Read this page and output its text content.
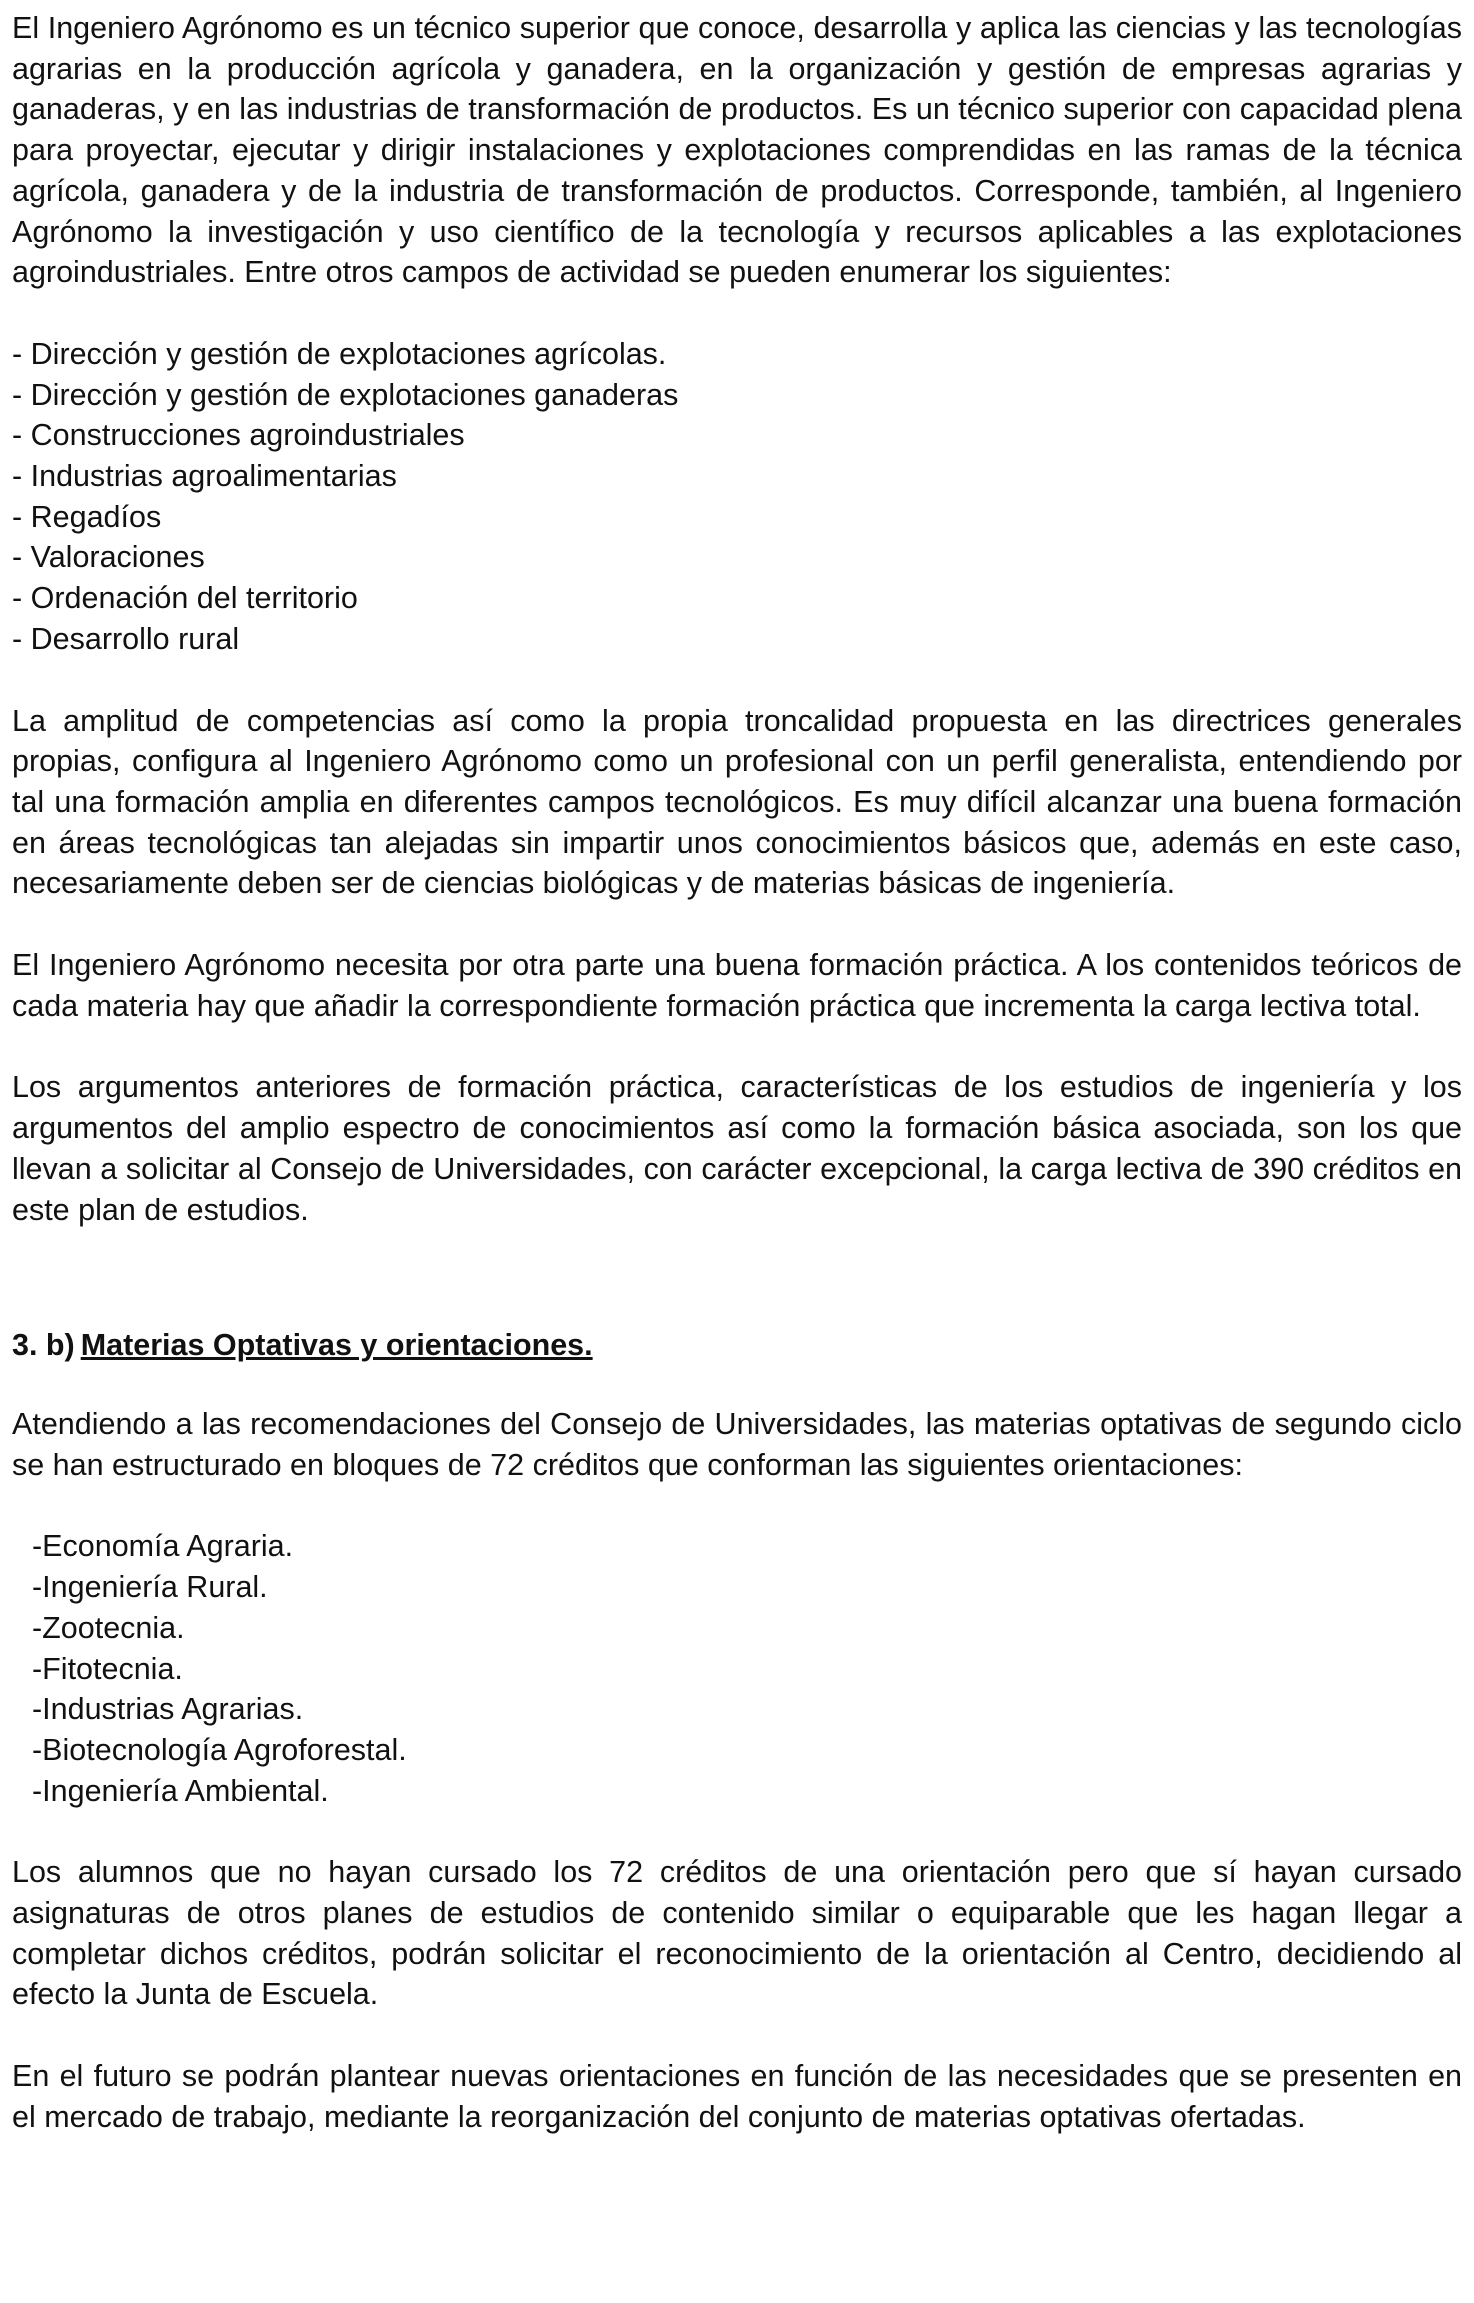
El Ingeniero Agrónomo es un técnico superior que conoce, desarrolla y aplica las ciencias y las tecnologías agrarias en la producción agrícola y ganadera, en la organización y gestión de empresas agrarias y ganaderas, y en las industrias de transformación de productos. Es un técnico superior con capacidad plena para proyectar, ejecutar y dirigir instalaciones y explotaciones comprendidas en las ramas de la técnica agrícola, ganadera y de la industria de transformación de productos. Corresponde, también, al Ingeniero Agrónomo la investigación y uso científico de la tecnología y recursos aplicables a las explotaciones agroindustriales. Entre otros campos de actividad se pueden enumerar los siguientes:

- Dirección y gestión de explotaciones agrícolas.
- Dirección y gestión de explotaciones ganaderas
- Construcciones agroindustriales
- Industrias agroalimentarias
- Regadíos
- Valoraciones
- Ordenación del territorio
- Desarrollo rural

La amplitud de competencias así como la propia troncalidad propuesta en las directrices generales propias, configura al Ingeniero Agrónomo como un profesional con un perfil generalista, entendiendo por tal una formación amplia en diferentes campos tecnológicos. Es muy difícil alcanzar una buena formación en áreas tecnológicas tan alejadas sin impartir unos conocimientos básicos que, además en este caso, necesariamente deben ser de ciencias biológicas y de materias básicas de ingeniería.

El Ingeniero Agrónomo necesita por otra parte una buena formación práctica. A los contenidos teóricos de cada materia hay que añadir la correspondiente formación práctica que incrementa la carga lectiva total.

Los argumentos anteriores de formación práctica, características de los estudios de ingeniería y los argumentos del amplio espectro de conocimientos así como la formación básica asociada, son los que llevan a solicitar al Consejo de Universidades, con carácter excepcional, la carga lectiva de 390 créditos en este plan de estudios.

3. b) Materias Optativas y orientaciones.

Atendiendo a las recomendaciones del Consejo de Universidades, las materias optativas de segundo ciclo se han estructurado en bloques de 72 créditos que conforman las siguientes orientaciones:

- Economía Agraria.
- Ingeniería Rural.
- Zootecnia.
- Fitotecnia.
- Industrias Agrarias.
- Biotecnología Agroforestal.
- Ingeniería Ambiental.

Los alumnos que no hayan cursado los 72 créditos de una orientación pero que sí hayan cursado asignaturas de otros planes de estudios de contenido similar o equiparable que les hagan llegar a completar dichos créditos, podrán solicitar el reconocimiento de la orientación al Centro, decidiendo al efecto la Junta de Escuela.

En el futuro se podrán plantear nuevas orientaciones en función de las necesidades que se presenten en el mercado de trabajo, mediante la reorganización del conjunto de materias optativas ofertadas.
